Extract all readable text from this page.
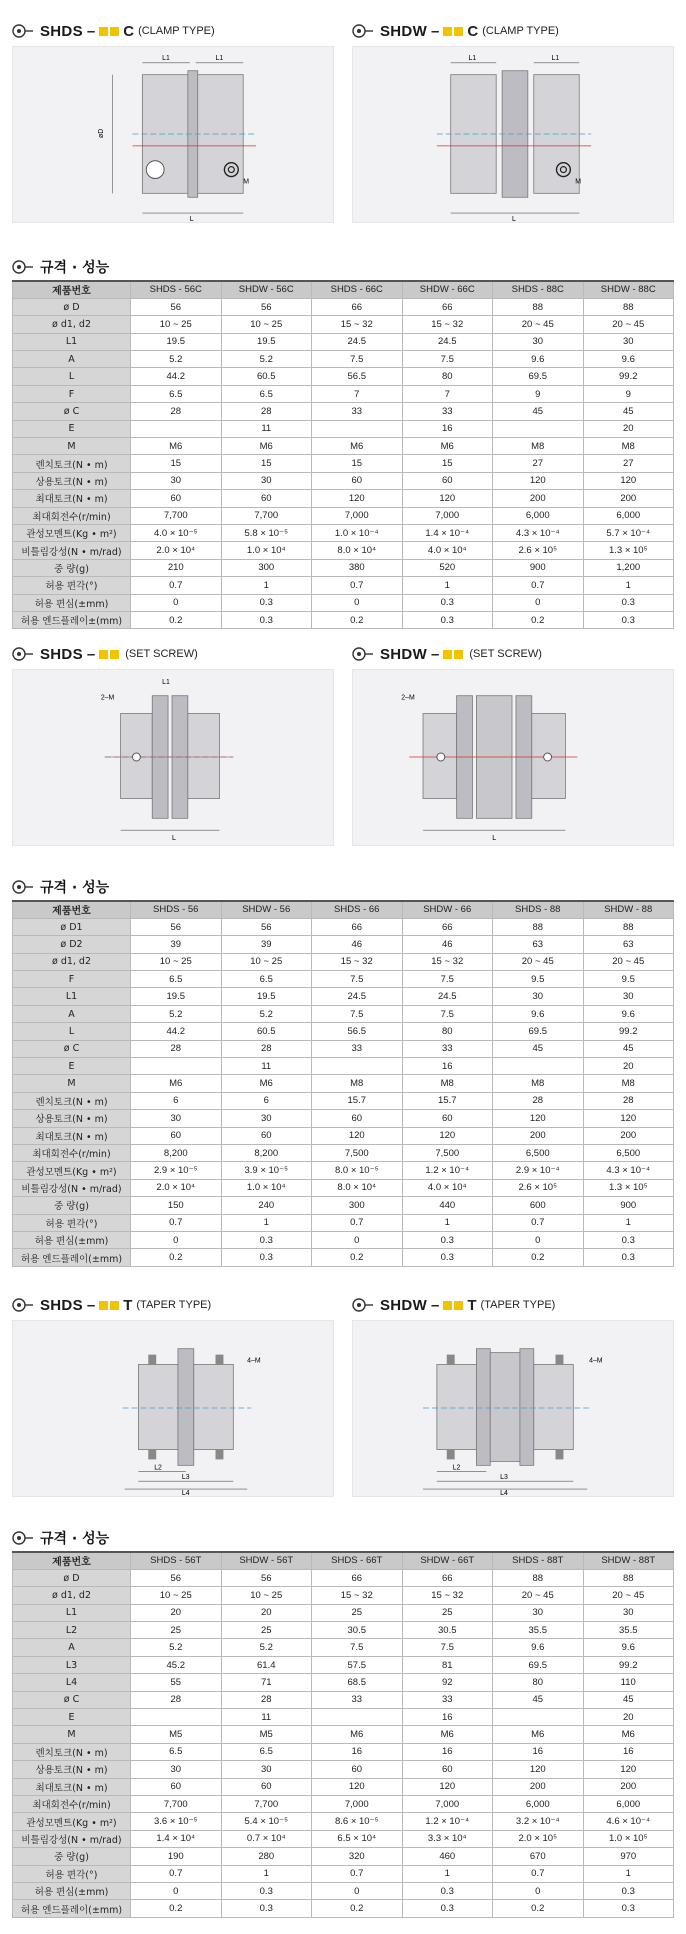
SHDS – C (CLAMP TYPE)
L1	L1
L
øD
M
SHDW – C (CLAMP TYPE)
L1	L1
L
M
규격 · 성능
제품번호	SHDS - 56C	SHDW - 56C	SHDS - 66C	SHDW - 66C	SHDS - 88C	SHDW - 88C
ø D	56	56	66	66	88	88
ø d1, d2	10 ~ 25	10 ~ 25	15 ~ 32	15 ~ 32	20 ~ 45	20 ~ 45
L1	19.5	19.5	24.5	24.5	30	30
A	5.2	5.2	7.5	7.5	9.6	9.6
L	44.2	60.5	56.5	80	69.5	99.2
F	6.5	6.5	7	7	9	9
ø C	28	28	33	33	45	45
E		11		16		20
M	M6	M6	M6	M6	M8	M8
렌치토크(N • m)	15	15	15	15	27	27
상용토크(N • m)	30	30	60	60	120	120
최대토크(N • m)	60	60	120	120	200	200
최대회전수(r/min)	7,700	7,700	7,000	7,000	6,000	6,000
관성모멘트(Kg • m²)	4.0 × 10⁻⁵	5.8 × 10⁻⁵	1.0 × 10⁻⁴	1.4 × 10⁻⁴	4.3 × 10⁻⁴	5.7 × 10⁻⁴
비틀림강성(N • m/rad)	2.0 × 10⁴	1.0 × 10⁴	8.0 × 10⁴	4.0 × 10⁴	2.6 × 10⁵	1.3 × 10⁵
중 량(g)	210	300	380	520	900	1,200
허용 편각(°)	0.7	1	0.7	1	0.7	1
허용 편심(±mm)	0	0.3	0	0.3	0	0.3
허용 엔드플레이±(mm)	0.2	0.3	0.2	0.3	0.2	0.3
SHDS –	(SET SCREW)
L
2–M
L1
SHDW –	(SET SCREW)
L
2–M
규격 · 성능
제품번호	SHDS - 56	SHDW - 56	SHDS - 66	SHDW - 66	SHDS - 88	SHDW - 88
ø D1	56	56	66	66	88	88
ø D2	39	39	46	46	63	63
ø d1, d2	10 ~ 25	10 ~ 25	15 ~ 32	15 ~ 32	20 ~ 45	20 ~ 45
F	6.5	6.5	7.5	7.5	9.5	9.5
L1	19.5	19.5	24.5	24.5	30	30
A	5.2	5.2	7.5	7.5	9.6	9.6
L	44.2	60.5	56.5	80	69.5	99.2
ø C	28	28	33	33	45	45
E		11		16		20
M	M6	M6	M8	M8	M8	M8
렌치토크(N • m)	6	6	15.7	15.7	28	28
상용토크(N • m)	30	30	60	60	120	120
최대토크(N • m)	60	60	120	120	200	200
최대회전수(r/min)	8,200	8,200	7,500	7,500	6,500	6,500
관성모멘트(Kg • m²)	2.9 × 10⁻⁵	3.9 × 10⁻⁵	8.0 × 10⁻⁵	1.2 × 10⁻⁴	2.9 × 10⁻⁴	4.3 × 10⁻⁴
비틀림강성(N • m/rad)	2.0 × 10⁴	1.0 × 10⁴	8.0 × 10⁴	4.0 × 10⁴	2.6 × 10⁵	1.3 × 10⁵
중 량(g)	150	240	300	440	600	900
허용 편각(°)	0.7	1	0.7	1	0.7	1
허용 편심(±mm)	0	0.3	0	0.3	0	0.3
허용 엔드플레이(±mm)	0.2	0.3	0.2	0.3	0.2	0.3
SHDS – T (TAPER TYPE)
L2
L3
L4
4–M
SHDW – T (TAPER TYPE)
L2
L3
L4
4–M
규격 · 성능
제품번호	SHDS - 56T	SHDW - 56T	SHDS - 66T	SHDW - 66T	SHDS - 88T	SHDW - 88T
ø D	56	56	66	66	88	88
ø d1, d2	10 ~ 25	10 ~ 25	15 ~ 32	15 ~ 32	20 ~ 45	20 ~ 45
L1	20	20	25	25	30	30
L2	25	25	30.5	30.5	35.5	35.5
A	5.2	5.2	7.5	7.5	9.6	9.6
L3	45.2	61.4	57.5	81	69.5	99.2
L4	55	71	68.5	92	80	110
ø C	28	28	33	33	45	45
E		11		16		20
M	M5	M5	M6	M6	M6	M6
렌치토크(N • m)	6.5	6.5	16	16	16	16
상용토크(N • m)	30	30	60	60	120	120
최대토크(N • m)	60	60	120	120	200	200
최대회전수(r/min)	7,700	7,700	7,000	7,000	6,000	6,000
관성모멘트(Kg • m²)	3.6 × 10⁻⁵	5.4 × 10⁻⁵	8.6 × 10⁻⁵	1.2 × 10⁻⁴	3.2 × 10⁻⁴	4.6 × 10⁻⁴
비틀림강성(N • m/rad)	1.4 × 10⁴	0.7 × 10⁴	6.5 × 10⁴	3.3 × 10⁴	2.0 × 10⁵	1.0 × 10⁵
중 량(g)	190	280	320	460	670	970
허용 편각(°)	0.7	1	0.7	1	0.7	1
허용 편심(±mm)	0	0.3	0	0.3	0	0.3
허용 엔드플레이(±mm)	0.2	0.3	0.2	0.3	0.2	0.3
